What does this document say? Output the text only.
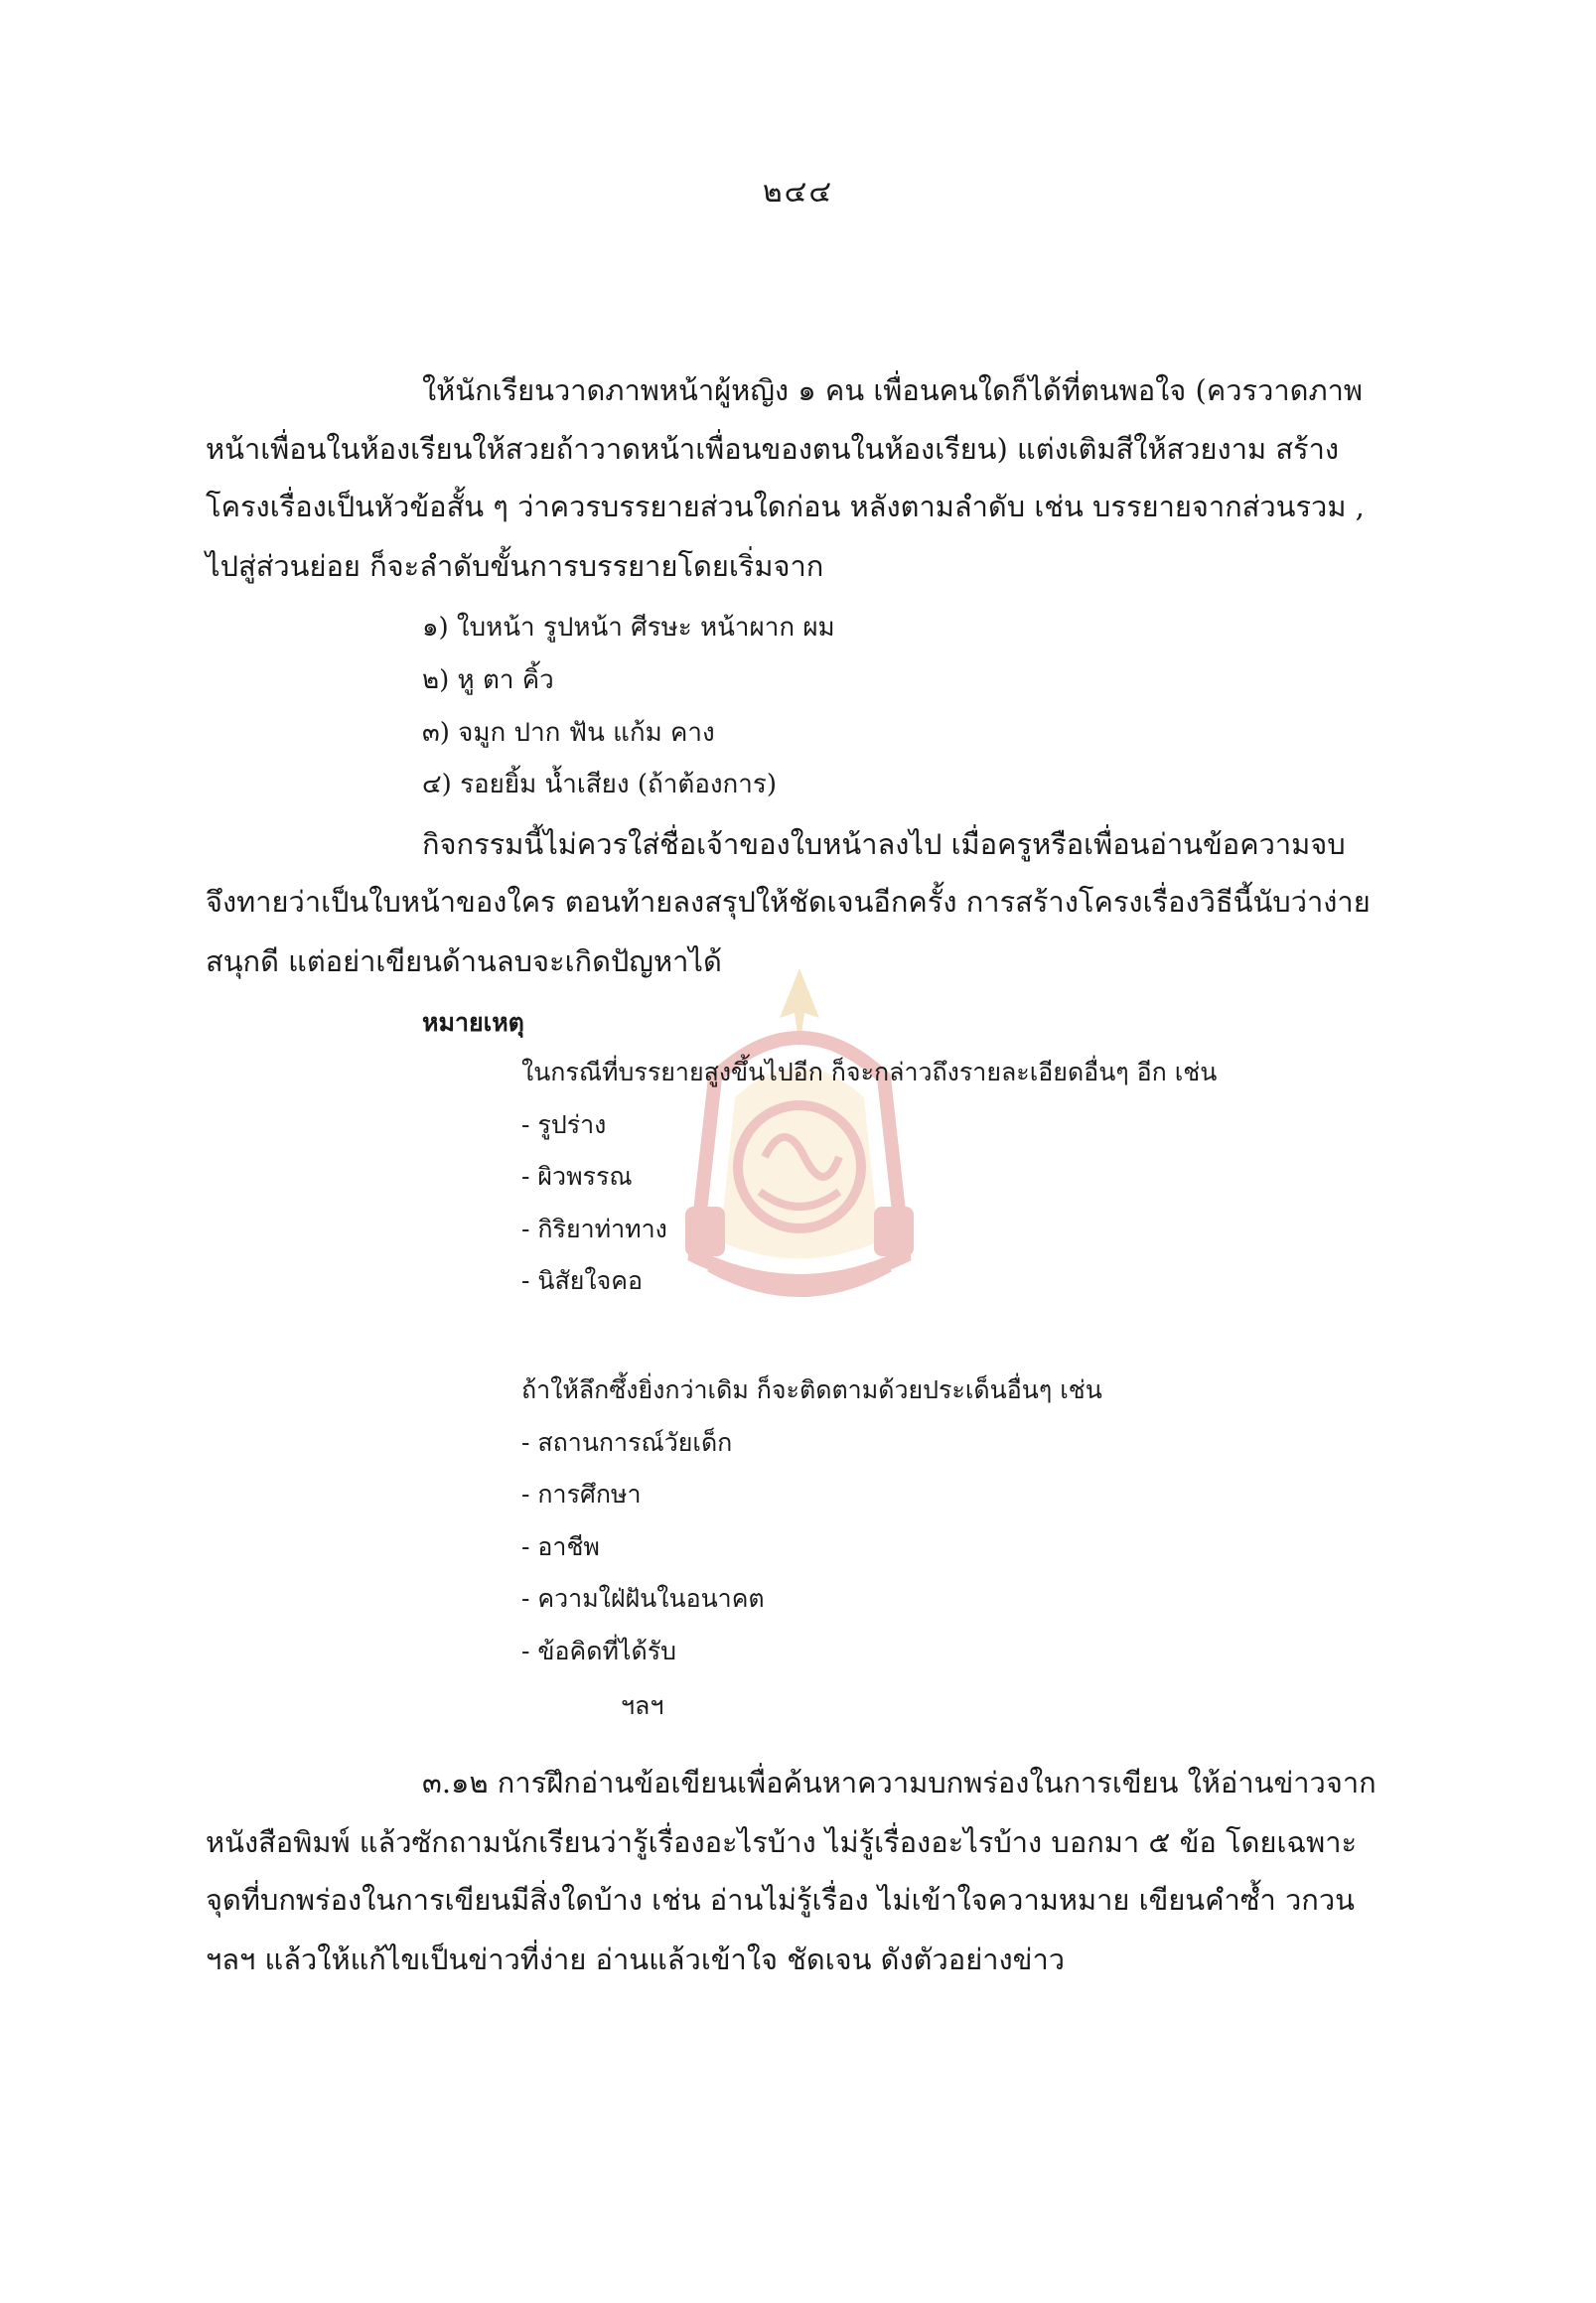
๒๔๔
ให้นักเรียนวาดภาพหน้าผู้หญิง ๑ คน เพื่อนคนใดก็ได้ที่ตนพอใจ (ควรวาดภาพ
หน้าเพื่อนในห้องเรียนให้สวยถ้าวาดหน้าเพื่อนของตนในห้องเรียน) แต่งเติมสีให้สวยงาม สร้าง
โครงเรื่องเป็นหัวข้อสั้น ๆ ว่าควรบรรยายส่วนใดก่อน หลังตามลำดับ เช่น บรรยายจากส่วนรวม ,
ไปสู่ส่วนย่อย ก็จะลำดับขั้นการบรรยายโดยเริ่มจาก
๑) ใบหน้า รูปหน้า ศีรษะ หน้าผาก ผม
๒) หู ตา คิ้ว
๓) จมูก ปาก ฟัน แก้ม คาง
๔) รอยยิ้ม น้ำเสียง (ถ้าต้องการ)
กิจกรรมนี้ไม่ควรใส่ชื่อเจ้าของใบหน้าลงไป เมื่อครูหรือเพื่อนอ่านข้อความจบ
จึงทายว่าเป็นใบหน้าของใคร ตอนท้ายลงสรุปให้ชัดเจนอีกครั้ง การสร้างโครงเรื่องวิธีนี้นับว่าง่าย
สนุกดี แต่อย่าเขียนด้านลบจะเกิดปัญหาได้
หมายเหตุ
ในกรณีที่บรรยายสูงขึ้นไปอีก ก็จะกล่าวถึงรายละเอียดอื่นๆ อีก เช่น
- รูปร่าง
- ผิวพรรณ
- กิริยาท่าทาง
- นิสัยใจคอ
ถ้าให้ลึกซึ้งยิ่งกว่าเดิม ก็จะติดตามด้วยประเด็นอื่นๆ เช่น
- สถานการณ์วัยเด็ก
- การศึกษา
- อาชีพ
- ความใฝ่ฝันในอนาคต
- ข้อคิดที่ได้รับ
ฯลฯ
๓.๑๒ การฝึกอ่านข้อเขียนเพื่อค้นหาความบกพร่องในการเขียน ให้อ่านข่าวจาก
หนังสือพิมพ์ แล้วซักถามนักเรียนว่ารู้เรื่องอะไรบ้าง ไม่รู้เรื่องอะไรบ้าง บอกมา ๕ ข้อ โดยเฉพาะ
จุดที่บกพร่องในการเขียนมีสิ่งใดบ้าง เช่น อ่านไม่รู้เรื่อง ไม่เข้าใจความหมาย เขียนคำซ้ำ วกวน
ฯลฯ แล้วให้แก้ไขเป็นข่าวที่ง่าย อ่านแล้วเข้าใจ ชัดเจน ดังตัวอย่างข่าว
